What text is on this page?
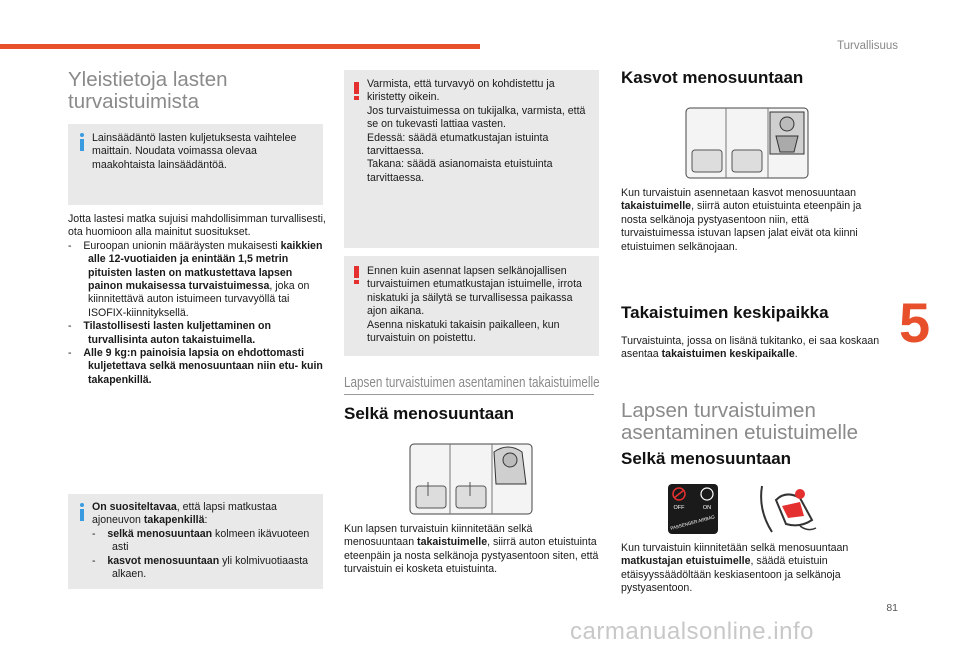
Turvallisuus
5
81
carmanualsonline.info
Yleistietoja lasten
turvaistuimista
Lainsäädäntö lasten kuljetuksesta vaihtelee maittain. Noudata voimassa olevaa maakohtaista lainsäädäntöä.
Jotta lastesi matka sujuisi mahdollisimman turvallisesti, ota huomioon alla mainitut suositukset.
-    Euroopan unionin määräysten mukaisesti kaikkien alle 12-vuotiaiden ja enintään 1,5 metrin pituisten lasten on matkustettava lapsen painon mukaisessa turvaistuimessa, joka on kiinnitettävä auton istuimeen turvavyöllä tai ISOFIX-kiinnityksellä.
-    Tilastollisesti lasten kuljettaminen on turvallisinta auton takaistuimella.
-    Alle 9 kg:n painoisia lapsia on ehdottomasti kuljetettava selkä menosuuntaan niin etu- kuin takapenkillä.
On suositeltavaa, että lapsi matkustaa ajoneuvon takapenkillä:
-    selkä menosuuntaan kolmeen ikävuoteen asti
-    kasvot menosuuntaan yli kolmivuotiaasta alkaen.
Varmista, että turvavyö on kohdistettu ja kiristetty oikein.
Jos turvaistuimessa on tukijalka, varmista, että se on tukevasti lattiaa vasten.
Edessä: säädä etumatkustajan istuinta tarvittaessa.
Takana: säädä asianomaista etuistuinta tarvittaessa.
Ennen kuin asennat lapsen selkänojallisen turvaistuimen etumatkustajan istuimelle, irrota niskatuki ja säilytä se turvallisessa paikassa ajon aikana.
Asenna niskatuki takaisin paikalleen, kun turvaistuin on poistettu.
Lapsen turvaistuimen asentaminen takaistuimelle
Selkä menosuuntaan
Kun lapsen turvaistuin kiinnitetään selkä menosuuntaan takaistuimelle, siirrä auton etuistuinta eteenpäin ja nosta selkänoja pystyasentoon siten, että turvaistuin ei kosketa etuistuinta.
Kasvot menosuuntaan
Kun turvaistuin asennetaan kasvot menosuuntaan takaistuimelle, siirrä auton etuistuinta eteenpäin ja nosta selkänoja pystyasentoon niin, että turvaistuimessa istuvan lapsen jalat eivät ota kiinni etuistuimen selkänojaan.
Takaistuimen keskipaikka
Turvaistuinta, jossa on lisänä tukitanko, ei saa koskaan asentaa takaistuimen keskipaikalle.
Lapsen turvaistuimen
asentaminen etuistuimelle
Selkä menosuuntaan
OFF	ON
PASSENGER AIRBAG
Kun turvaistuin kiinnitetään selkä menosuuntaan matkustajan etuistuimelle, säädä etuistuin etäisyyssäädöltään keskiasentoon ja selkänoja pystyasentoon.
